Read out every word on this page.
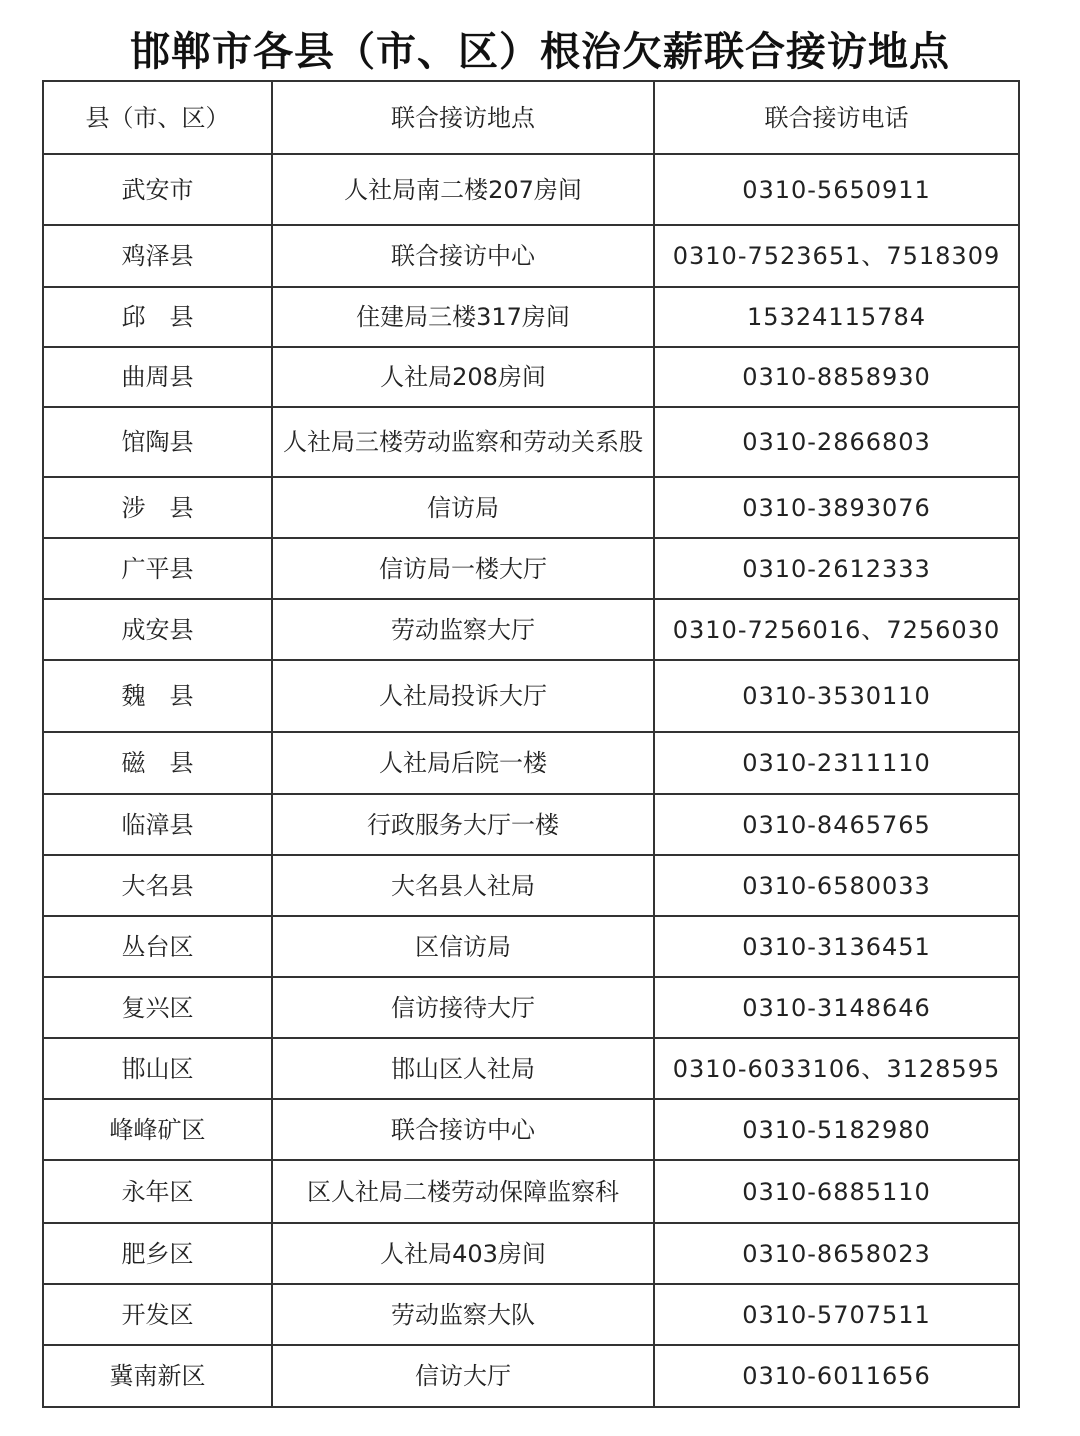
邯郸市各县（市、区）根治欠薪联合接访地点
县（市、区）	联合接访地点	联合接访电话
武安市	人社局南二楼207房间	0310-5650911
鸡泽县	联合接访中心	0310-7523651、7518309
邱　县	住建局三楼317房间	15324115784
曲周县	人社局208房间	0310-8858930
馆陶县	人社局三楼劳动监察和劳动关系股	0310-2866803
涉　县	信访局	0310-3893076
广平县	信访局一楼大厅	0310-2612333
成安县	劳动监察大厅	0310-7256016、7256030
魏　县	人社局投诉大厅	0310-3530110
磁　县	人社局后院一楼	0310-2311110
临漳县	行政服务大厅一楼	0310-8465765
大名县	大名县人社局	0310-6580033
丛台区	区信访局	0310-3136451
复兴区	信访接待大厅	0310-3148646
邯山区	邯山区人社局	0310-6033106、3128595
峰峰矿区	联合接访中心	0310-5182980
永年区	区人社局二楼劳动保障监察科	0310-6885110
肥乡区	人社局403房间	0310-8658023
开发区	劳动监察大队	0310-5707511
冀南新区	信访大厅	0310-6011656
